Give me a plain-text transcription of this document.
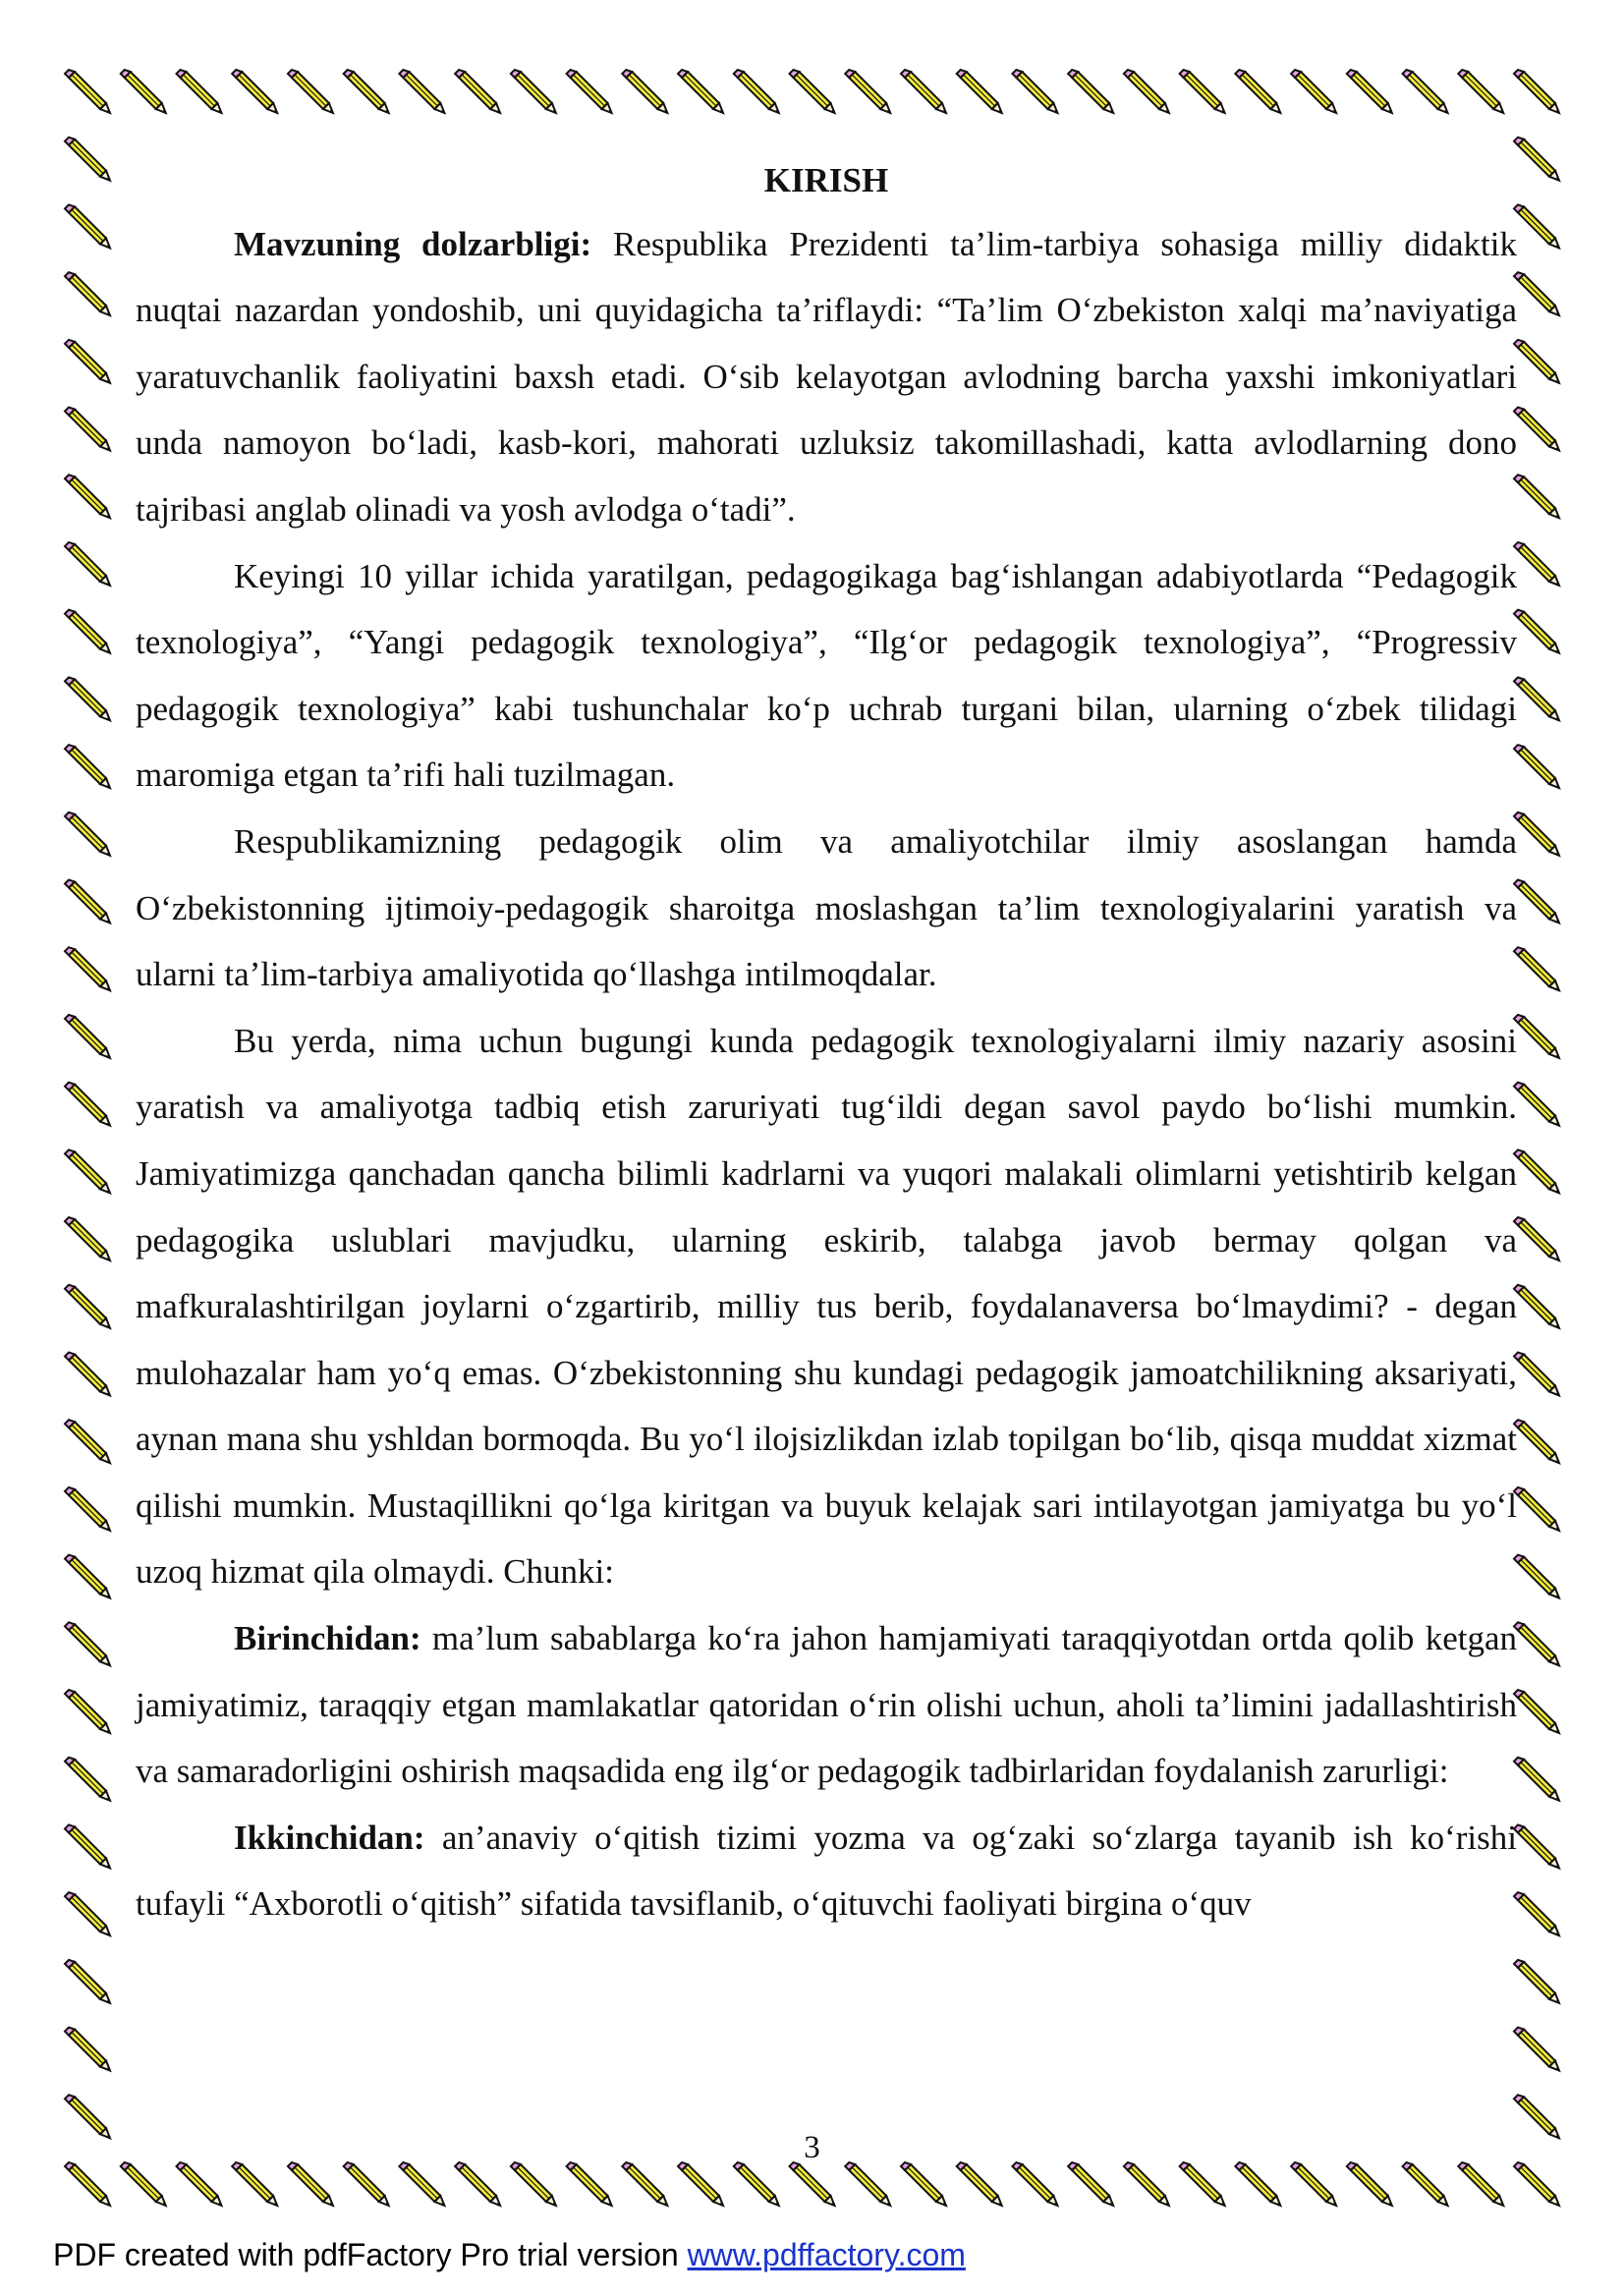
KIRISH

Mavzuning dolzarbligi: Respublika Prezidenti ta’lim-tarbiya sohasiga milliy didaktik nuqtai nazardan yondoshib, uni quyidagicha ta’riflaydi: “Ta’lim O‘zbekiston xalqi ma’naviyatiga yaratuvchanlik faoliyatini baxsh etadi. O‘sib kelayotgan avlodning barcha yaxshi imkoniyatlari unda namoyon bo‘ladi, kasb-kori, mahorati uzluksiz takomillashadi, katta avlodlarning dono tajribasi anglab olinadi va yosh avlodga o‘tadi”.

Keyingi 10 yillar ichida yaratilgan, pedagogikaga bag‘ishlangan adabiyotlarda “Pedagogik texnologiya”, “Yangi pedagogik texnologiya”, “Ilg‘or pedagogik texnologiya”, “Progressiv pedagogik texnologiya” kabi tushunchalar ko‘p uchrab turgani bilan, ularning o‘zbek tilidagi maromiga etgan ta’rifi hali tuzilmagan.

Respublikamizning pedagogik olim va amaliyotchilar ilmiy asoslangan hamda O‘zbekistonning ijtimoiy-pedagogik sharoitga moslashgan ta’lim texnologiyalarini yaratish va ularni ta’lim-tarbiya amaliyotida qo‘llashga intilmoqdalar.

Bu yerda, nima uchun bugungi kunda pedagogik texnologiyalarni ilmiy nazariy asosini yaratish va amaliyotga tadbiq etish zaruriyati tug‘ildi degan savol paydo bo‘lishi mumkin. Jamiyatimizga qanchadan qancha bilimli kadrlarni va yuqori malakali olimlarni yetishtirib kelgan pedagogika uslublari mavjudku, ularning eskirib, talabga javob bermay qolgan va mafkuralashtirilgan joylarni o‘zgartirib, milliy tus berib, foydalanaversa bo‘lmaydimi? - degan mulohazalar ham yo‘q emas. O‘zbekistonning shu kundagi pedagogik jamoatchilikning aksariyati, aynan mana shu yshldan bormoqda. Bu yo‘l ilojsizlikdan izlab topilgan bo‘lib, qisqa muddat xizmat qilishi mumkin. Mustaqillikni qo‘lga kiritgan va buyuk kelajak sari intilayotgan jamiyatga bu yo‘l uzoq hizmat qila olmaydi. Chunki:

Birinchidan: ma’lum sabablarga ko‘ra jahon hamjamiyati taraqqiyotdan ortda qolib ketgan jamiyatimiz, taraqqiy etgan mamlakatlar qatoridan o‘rin olishi uchun, aholi ta’limini jadallashtirish va samaradorligini oshirish maqsadida eng ilg‘or pedagogik tadbirlaridan foydalanish zarurligi:

Ikkinchidan: an’anaviy o‘qitish tizimi yozma va og‘zaki so‘zlarga tayanib ish ko‘rishi tufayli “Axborotli o‘qitish” sifatida tavsiflanib, o‘qituvchi faoliyati birgina o‘quv

3
PDF created with pdfFactory Pro trial version www.pdffactory.com
